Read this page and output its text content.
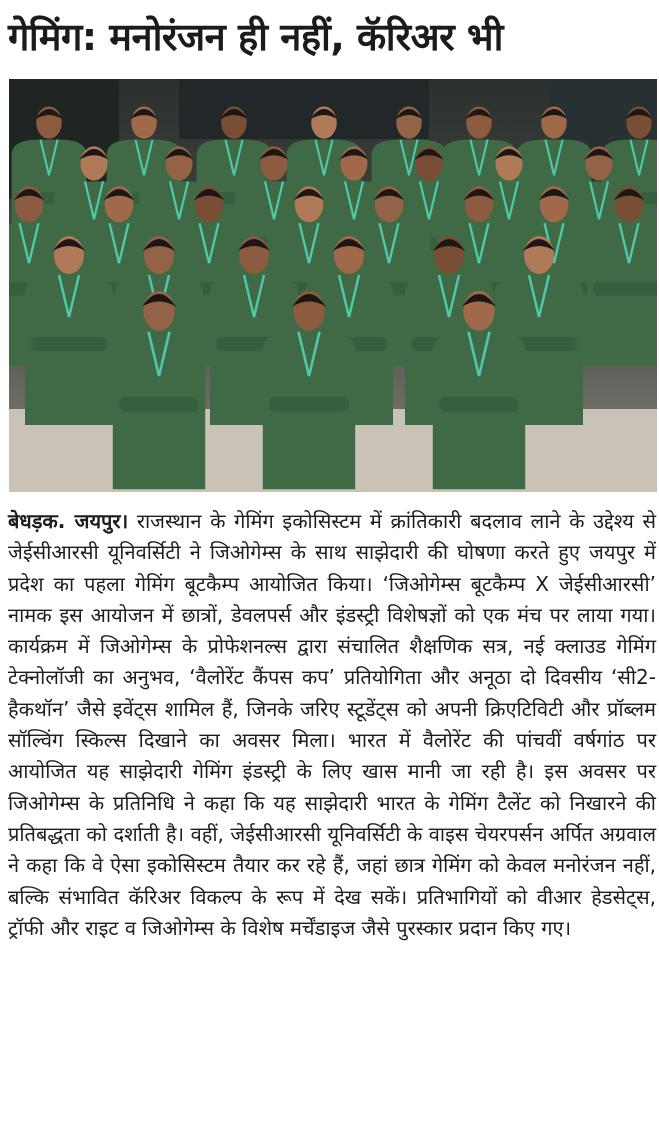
गेमिंग: मनोरंजन ही नहीं, कॅरिअर भी

बेधड़क. जयपुर। राजस्थान के गेमिंग इकोसिस्टम में क्रांतिकारी बदलाव लाने के उद्देश्य से जेईसीआरसी यूनिवर्सिटी ने जिओगेम्स के साथ साझेदारी की घोषणा करते हुए जयपुर में प्रदेश का पहला गेमिंग बूटकैम्प आयोजित किया। ‘जिओगेम्स बूटकैम्प X जेईसीआरसी’ नामक इस आयोजन में छात्रों, डेवलपर्स और इंडस्ट्री विशेषज्ञों को एक मंच पर लाया गया। कार्यक्रम में जिओगेम्स के प्रोफेशनल्स द्वारा संचालित शैक्षणिक सत्र, नई क्लाउड गेमिंग टेक्नोलॉजी का अनुभव, ‘वैलोरेंट कैंपस कप’ प्रतियोगिता और अनूठा दो दिवसीय ‘सी2-हैकथॉन’ जैसे इवेंट्स शामिल हैं, जिनके जरिए स्टूडेंट्स को अपनी क्रिएटिविटी और प्रॉब्लम सॉल्विंग स्किल्स दिखाने का अवसर मिला। भारत में वैलोरेंट की पांचवीं वर्षगांठ पर आयोजित यह साझेदारी गेमिंग इंडस्ट्री के लिए खास मानी जा रही है। इस अवसर पर जिओगेम्स के प्रतिनिधि ने कहा कि यह साझेदारी भारत के गेमिंग टैलेंट को निखारने की प्रतिबद्धता को दर्शाती है। वहीं, जेईसीआरसी यूनिवर्सिटी के वाइस चेयरपर्सन अर्पित अग्रवाल ने कहा कि वे ऐसा इकोसिस्टम तैयार कर रहे हैं, जहां छात्र गेमिंग को केवल मनोरंजन नहीं, बल्कि संभावित कॅरिअर विकल्प के रूप में देख सकें। प्रतिभागियों को वीआर हेडसेट्स, ट्रॉफी और राइट व जिओगेम्स के विशेष मर्चेंडाइज जैसे पुरस्कार प्रदान किए गए।
